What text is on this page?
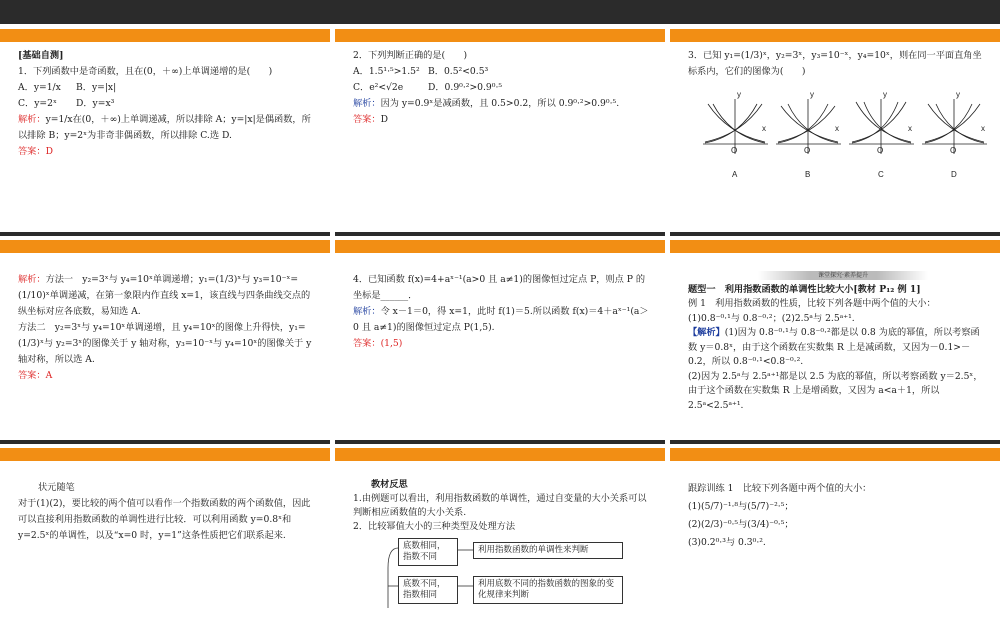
[基础自测]

1．下列函数中是奇函数，且在(0，＋∞)上单调递增的是(　　)

A．y=1/x B．y=|x|

C．y=2ˣ D．y=x³

解析：y=1/x在(0，＋∞)上单调递减，所以排除 A；y=|x|是偶函数，所以排除 B；y=2ˣ为非奇非偶函数，所以排除 C.选 D.

答案：D

2．下列判断正确的是(　　)

A．1.5¹·⁵>1.5² B．0.5²<0.5³

C．e²<√2e	D．0.9⁰·²>0.9⁰·⁵

解析：因为 y=0.9ˣ是减函数，且 0.5>0.2，所以 0.9⁰·²>0.9⁰·⁵.

答案：D

3．已知 y₁=(1/3)ˣ，y₂=3ˣ，y₃=10⁻ˣ，y₄=10ˣ，则在同一平面直角坐标系内，它们的图像为(　　)

O	O	O	O
x	x	x	x
y	y	y	y
A	B	C	D

解析：方法一　y₂=3ˣ与 y₄=10ˣ单调递增；y₁=(1/3)ˣ与 y₃=10⁻ˣ=(1/10)ˣ单调递减，在第一象限内作直线 x=1，该直线与四条曲线交点的纵坐标对应各底数，易知选 A.

方法二　y₂=3ˣ与 y₄=10ˣ单调递增，且 y₄=10ˣ的图像上升得快，y₁=(1/3)ˣ与 y₂=3ˣ的图像关于 y 轴对称，y₃=10⁻ˣ与 y₄=10ˣ的图像关于 y 轴对称，所以选 A.

答案：A

4．已知函数 f(x)=4+aˣ⁻¹(a>0 且 a≠1)的图像恒过定点 P，则点 P 的坐标是______．

解析：令 x－1＝0，得 x=1，此时 f(1)＝5.所以函数 f(x)＝4＋aˣ⁻¹(a＞0 且 a≠1)的图像恒过定点 P(1,5).

答案：(1,5)

课堂探究·素养提升

题型一　利用指数函数的单调性比较大小[教材 P₁₂ 例 1]

例 1　利用指数函数的性质，比较下列各题中两个值的大小：

(1)0.8⁻⁰·¹与 0.8⁻⁰·²；(2)2.5ᵃ与 2.5ᵃ⁺¹.

【解析】(1)因为 0.8⁻⁰·¹与 0.8⁻⁰·²都是以 0.8 为底的幂值，所以考察函数 y＝0.8ˣ，由于这个函数在实数集 R 上是减函数，又因为－0.1>－0.2，所以 0.8⁻⁰·¹<0.8⁻⁰·².

(2)因为 2.5ᵃ与 2.5ᵃ⁺¹都是以 2.5 为底的幂值，所以考察函数 y＝2.5ˣ，由于这个函数在实数集 R 上是增函数，又因为 a<a＋1，所以 2.5ᵃ<2.5ᵃ⁺¹.

状元随笔

对于(1)(2)，要比较的两个值可以看作一个指数函数的两个函数值，因此可以直接利用指数函数的单调性进行比较．可以利用函数 y=0.8ˣ和 y=2.5ˣ的单调性，以及“x=0 时，y=1”这条性质把它们联系起来.

教材反思

1.由例题可以看出，利用指数函数的单调性，通过自变量的大小关系可以判断相应函数值的大小关系.

2．比较幂值大小的三种类型及处理方法

底数相同，指数不同
利用指数函数的单调性来判断
底数不同，指数相同
利用底数不同的指数函数的图象的变化规律来判断

跟踪训练 1　比较下列各题中两个值的大小：

(1)(5/7)⁻¹·⁸与(5/7)⁻²·⁵；

(2)(2/3)⁻⁰·⁵与(3/4)⁻⁰·⁵；

(3)0.2⁰·³与 0.3⁰·².
